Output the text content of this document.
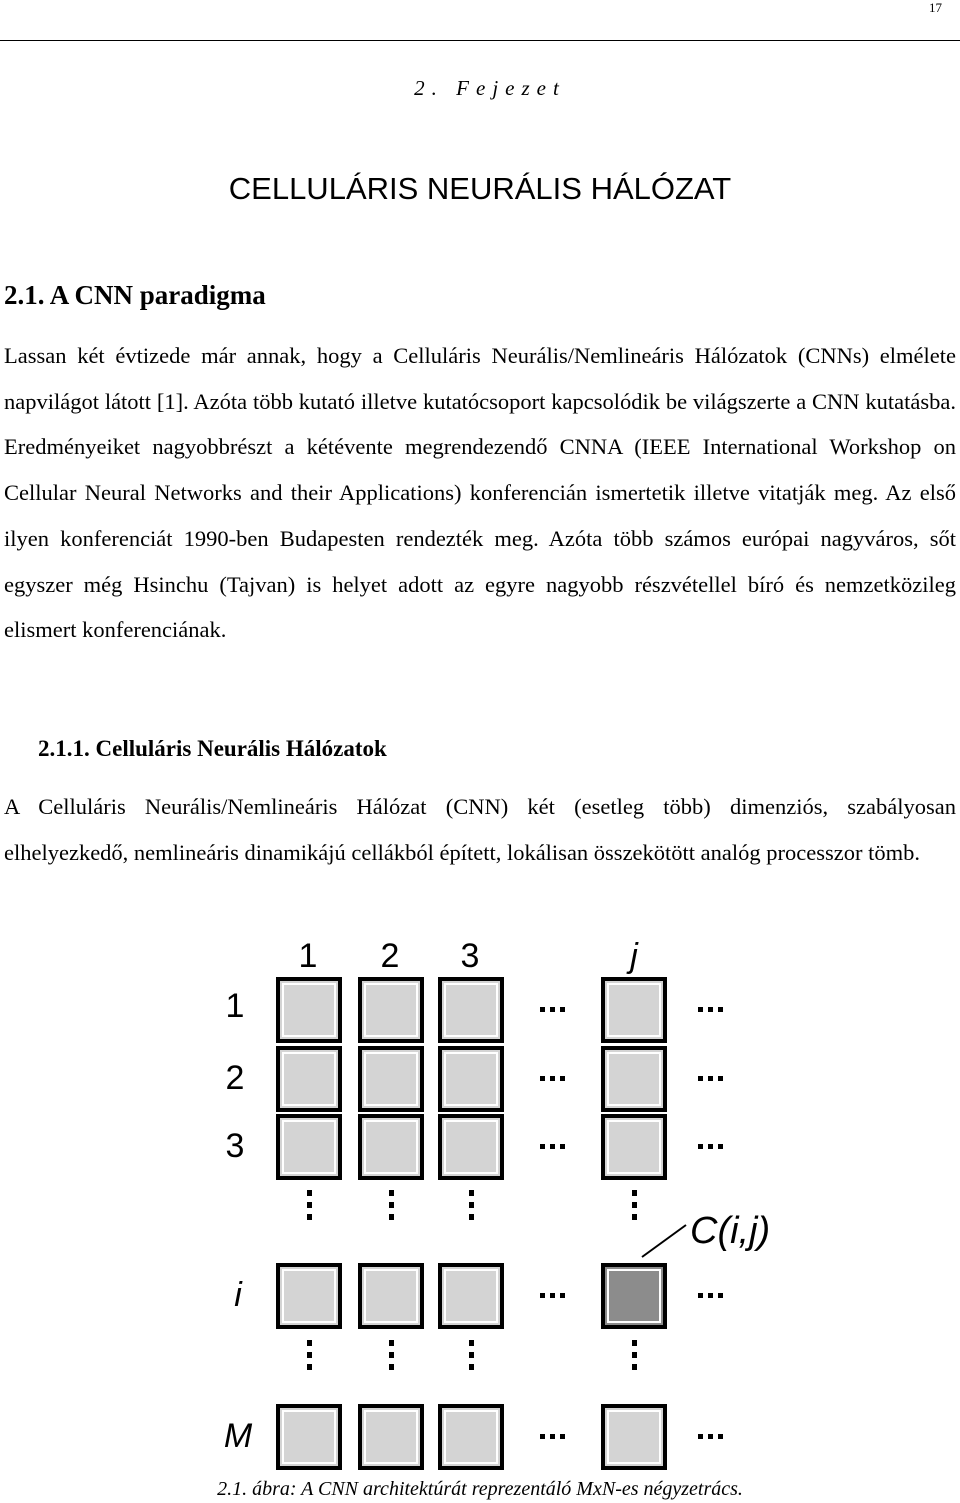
17
2. Fejezet
CELLULÁRIS NEURÁLIS HÁLÓZAT
2.1. A CNN paradigma

Lassan két évtizede már annak, hogy a Celluláris Neurális/Nemlineáris Hálózatok (CNNs) elmélete napvilágot látott [1]. Azóta több kutató illetve kutatócsoport kapcsolódik be világszerte a CNN kutatásba. Eredményeiket nagyobbrészt a kétévente megrendezendő CNNA (IEEE International Workshop on Cellular Neural Networks and their Applications) konferencián ismertetik illetve vitatják meg. Az első ilyen konferenciát 1990-ben Budapesten rendezték meg. Azóta több számos európai nagyváros, sőt egyszer még Hsinchu (Tajvan) is helyet adott az egyre nagyobb részvétellel bíró és nemzetközileg elismert konferenciának.

2.1.1. Celluláris Neurális Hálózatok

A Celluláris Neurális/Nemlineáris Hálózat (CNN) két (esetleg több) dimenziós, szabályosan elhelyezkedő, nemlineáris dinamikájú cellákból épített, lokálisan összekötött analóg processzor tömb.

1 2 3	j
1
2
3
i
M
C(i,j)
2.1. ábra: A CNN architektúrát reprezentáló MxN-es négyzetrács.
